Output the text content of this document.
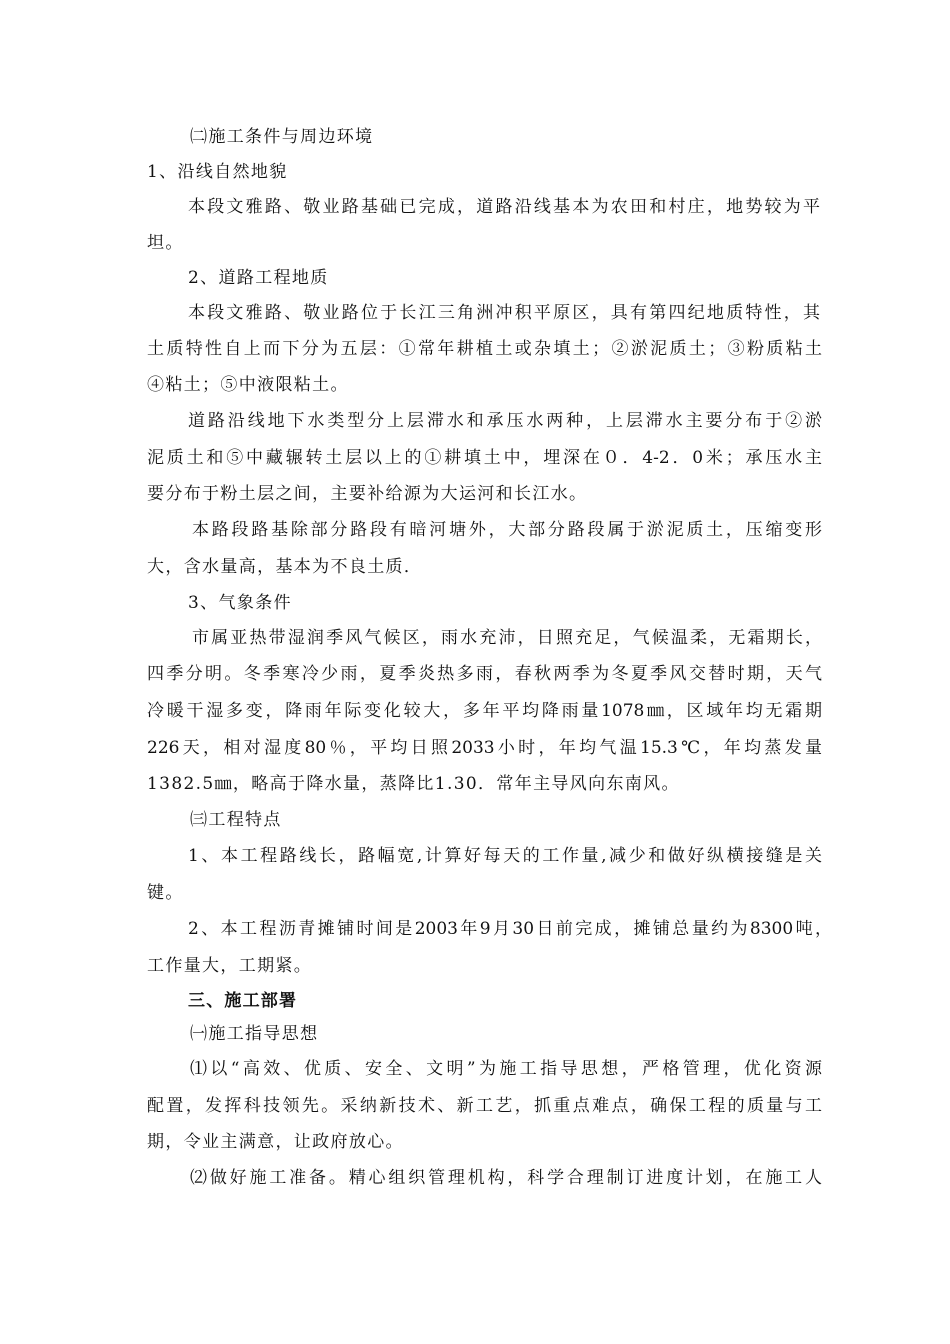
㈡施工条件与周边环境
1、沿线自然地貌
本段文雅路、敬业路基础已完成，道路沿线基本为农田和村庄，地势较为平
坦。
2、道路工程地质
本段文雅路、敬业路位于长江三角洲冲积平原区，具有第四纪地质特性，其
土质特性自上而下分为五层：①常年耕植土或杂填土；②淤泥质土；③粉质粘土
④粘土；⑤中液限粘土。
道路沿线地下水类型分上层滞水和承压水两种，上层滞水主要分布于②淤
泥质土和⑤中藏辗转土层以上的①耕填土中，埋深在０．4-2．0米；承压水主
要分布于粉土层之间，主要补给源为大运河和长江水。
本路段路基除部分路段有暗河塘外，大部分路段属于淤泥质土，压缩变形
大，含水量高，基本为不良土质．
3、气象条件
市属亚热带湿润季风气候区，雨水充沛，日照充足，气候温柔，无霜期长，
四季分明。冬季寒冷少雨，夏季炎热多雨，春秋两季为冬夏季风交替时期，天气
冷暖干湿多变，降雨年际变化较大，多年平均降雨量1078㎜，区域年均无霜期
226天，相对湿度80％，平均日照2033小时，年均气温15.3℃，年均蒸发量
1382.5㎜，略高于降水量，蒸降比1.30．常年主导风向东南风。
㈢工程特点
1、本工程路线长，路幅宽,计算好每天的工作量,减少和做好纵横接缝是关
键。
2、本工程沥青摊铺时间是2003年9月30日前完成，摊铺总量约为8300吨，
工作量大，工期紧。
三、施工部署
㈠施工指导思想
⑴以“高效、优质、安全、文明”为施工指导思想，严格管理，优化资源
配置，发挥科技领先。采纳新技术、新工艺，抓重点难点，确保工程的质量与工
期，令业主满意，让政府放心。
⑵做好施工准备。精心组织管理机构，科学合理制订进度计划，在施工人
